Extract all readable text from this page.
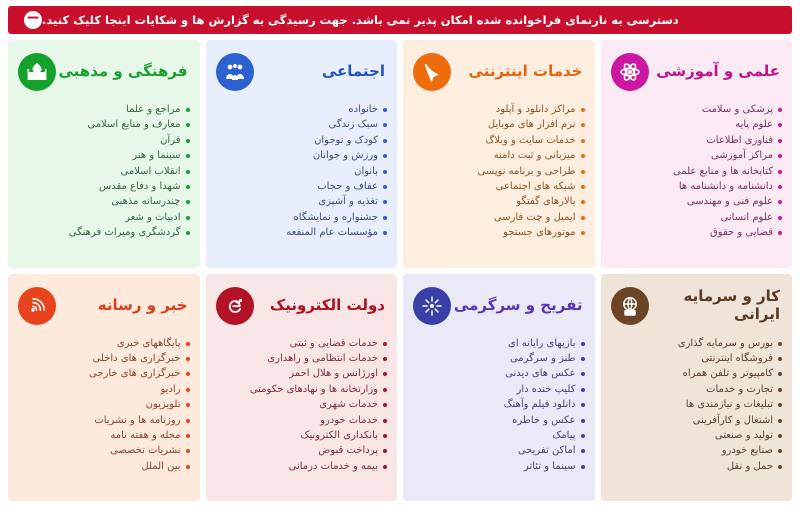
− دسترسی به نارنمای فراخوانده شده امکان پذیر نمی باشد. جهت رسیدگی به گزارش ها و شکایات اینجا کلیک کنید.
علمی و آموزشی
پزشکی و سلامت
علوم پایه
فناوری اطلاعات
مراکز آموزشی
کتابخانه ها و منابع علمی
دانشنامه و دانشنامه ها
علوم فنی و مهندسی
علوم انسانی
قضایی و حقوق
خدمات اینترنتی
مراکز دانلود و آپلود
نرم افزار های موبایل
خدمات سایت و وبلاگ
میزبانی و ثبت دامنه
طراحی و برنامه نویسی
شبکه های اجتماعی
بالارهای گفتگو
ایمیل و چت فارسی
موتورهای جستجو
اجتماعی
خانواده
سبک زندگی
کودک و نوجوان
ورزش و جوانان
بانوان
عفاف و حجاب
تغذیه و آشپزی
جشنواره و نمایشگاه
مؤسسات عام المنفعه
فرهنگی و مذهبی
مراجع و علما
معارف و منابع اسلامی
قرآن
سینما و هنر
انقلاب اسلامی
شهدا و دفاع مقدس
چندرسانه مذهبی
ادبیات و شعر
گردشگری ومیراث فرهنگی
کار و سرمایه ایرانی
بورس و سرمایه گذاری
فروشگاه اینترنتی
کامپیوتر و تلفن همراه
تجارت و خدمات
تبلیغات و نیازمندی ها
اشتغال و کارآفرینی
تولید و صنعتی
صنایع خودرو
حمل و نقل
تفریح و سرگرمی
بازیهای رایانه ای
طنز و سرگرمی
عکس های دیدنی
کلیپ خنده دار
دانلود فیلم وآهنگ
عکس و خاطره
پیامک
اماکن تفریحی
سینما و تئاتر
دولت الکترونیک
خدمات قضایی و ثبتی
خدمات انتظامی و راهداری
اورژانس و هلال احمر
وزارتخانه ها و نهادهای حکومتی
خدمات شهری
خدمات خودرو
بانکداری الکترونیک
پرداخت قبوض
بیمه و خدمات درمانی
خبر و رسانه
پایگاههای خبری
خبرگزاری های داخلی
خبرگزاری های خارجی
رادیو
تلویزیون
روزنامه ها و نشریات
مجله و هفته نامه
نشریات تخصصی
بین الملل
